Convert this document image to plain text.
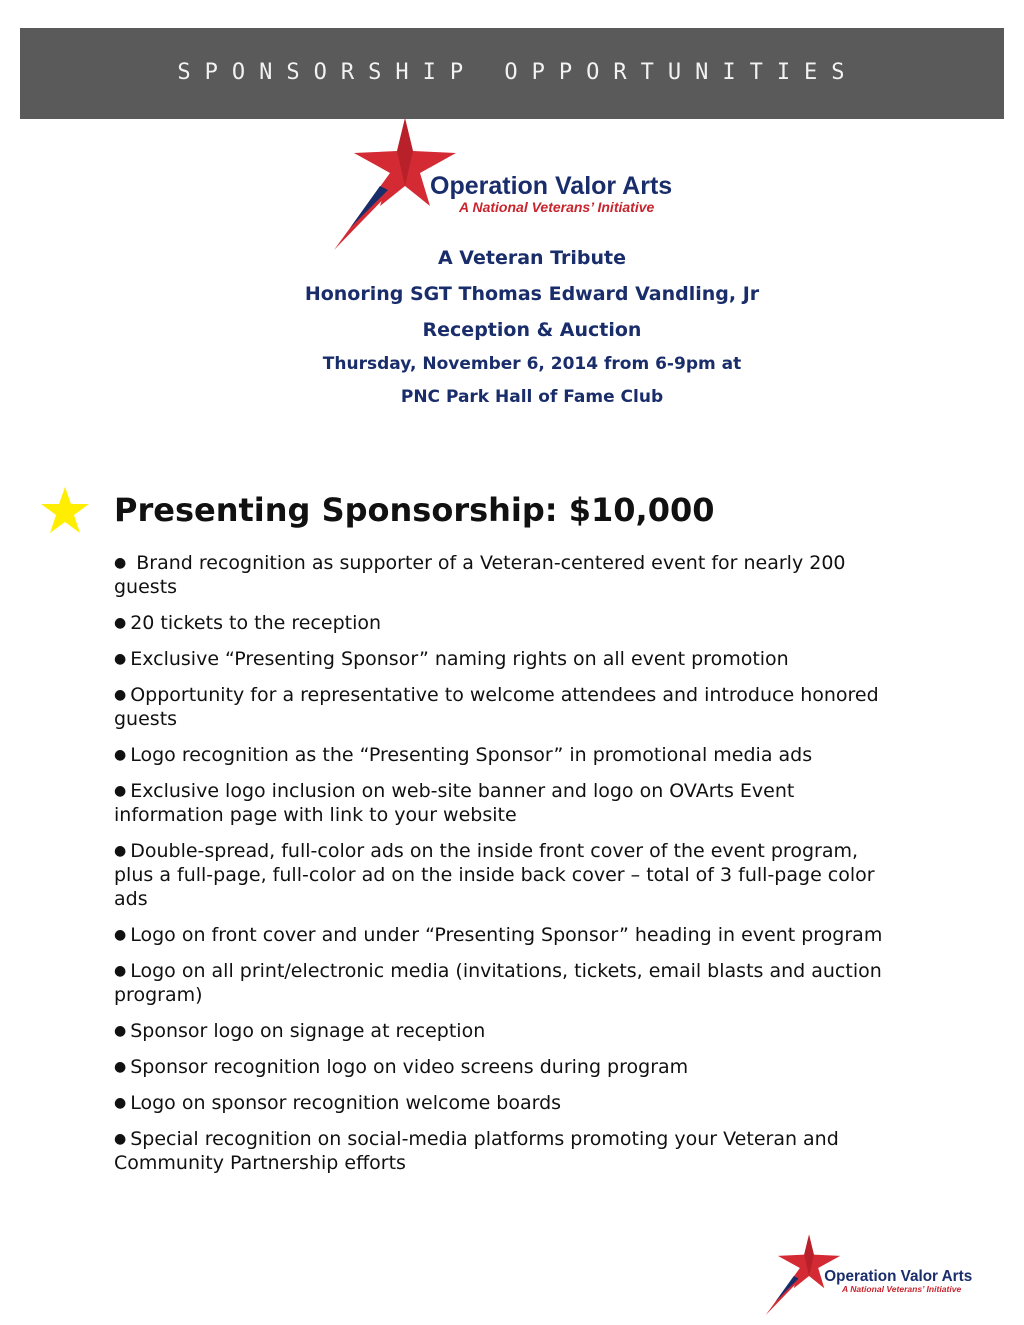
SPONSORSHIP OPPORTUNITIES
Operation Valor Arts
A National Veterans’ Initiative

A Veteran Tribute

Honoring SGT Thomas Edward Vandling, Jr

Reception & Auction

Thursday, November 6, 2014 from 6-9pm at

PNC Park Hall of Fame Club

Presenting Sponsorship: $10,000
● Brand recognition as supporter of a Veteran-centered event for nearly 200 guests
● 20 tickets to the reception
● Exclusive “Presenting Sponsor” naming rights on all event promotion
● Opportunity for a representative to welcome attendees and introduce honored guests
● Logo recognition as the “Presenting Sponsor” in promotional media ads
● Exclusive logo inclusion on web-site banner and logo on OVArts Event information page with link to your website
● Double-spread, full-color ads on the inside front cover of the event program, plus a full-page, full-color ad on the inside back cover – total of 3 full-page color ads
● Logo on front cover and under “Presenting Sponsor” heading in event program
● Logo on all print/electronic media (invitations, tickets, email blasts and auction program)
● Sponsor logo on signage at reception
● Sponsor recognition logo on video screens during program
● Logo on sponsor recognition welcome boards
● Special recognition on social-media platforms promoting your Veteran and Community Partnership efforts
Operation Valor Arts
A National Veterans’ Initiative
